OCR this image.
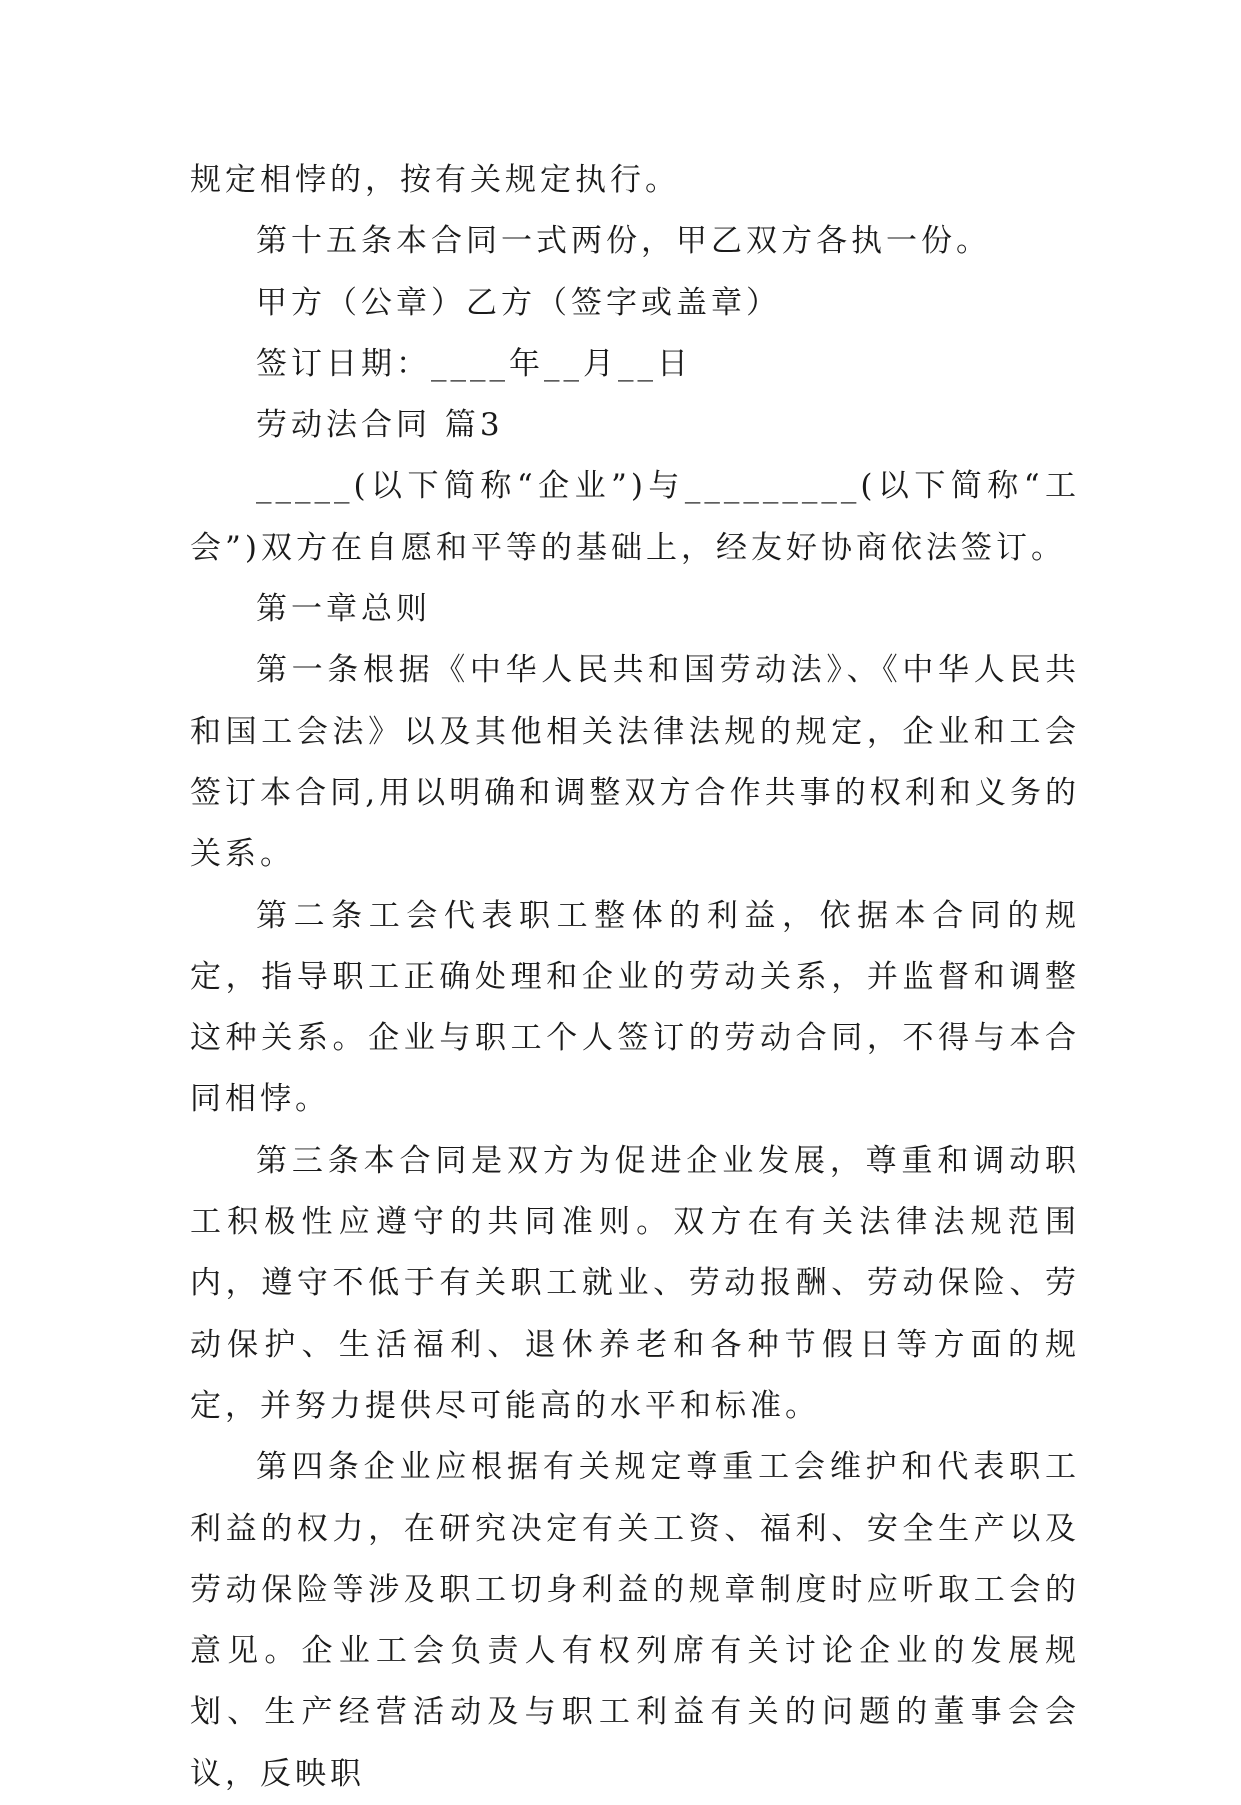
规定相悖的，按有关规定执行。

第十五条本合同一式两份，甲乙双方各执一份。

甲方（公章）乙方（签字或盖章）

签订日期：____年__月__日

劳动法合同 篇3

_____(以下简称“企业”)与_________(以下简称“工会”)双方在自愿和平等的基础上，经友好协商依法签订。

第一章总则

第一条根据《中华人民共和国劳动法》、《中华人民共和国工会法》以及其他相关法律法规的规定，企业和工会签订本合同,用以明确和调整双方合作共事的权利和义务的关系。

第二条工会代表职工整体的利益，依据本合同的规定，指导职工正确处理和企业的劳动关系，并监督和调整这种关系。企业与职工个人签订的劳动合同，不得与本合同相悖。

第三条本合同是双方为促进企业发展，尊重和调动职工积极性应遵守的共同准则。双方在有关法律法规范围内，遵守不低于有关职工就业、劳动报酬、劳动保险、劳动保护、生活福利、退休养老和各种节假日等方面的规定，并努力提供尽可能高的水平和标准。

第四条企业应根据有关规定尊重工会维护和代表职工利益的权力，在研究决定有关工资、福利、安全生产以及劳动保险等涉及职工切身利益的规章制度时应听取工会的意见。企业工会负责人有权列席有关讨论企业的发展规划、生产经营活动及与职工利益有关的问题的董事会会议，反映职
